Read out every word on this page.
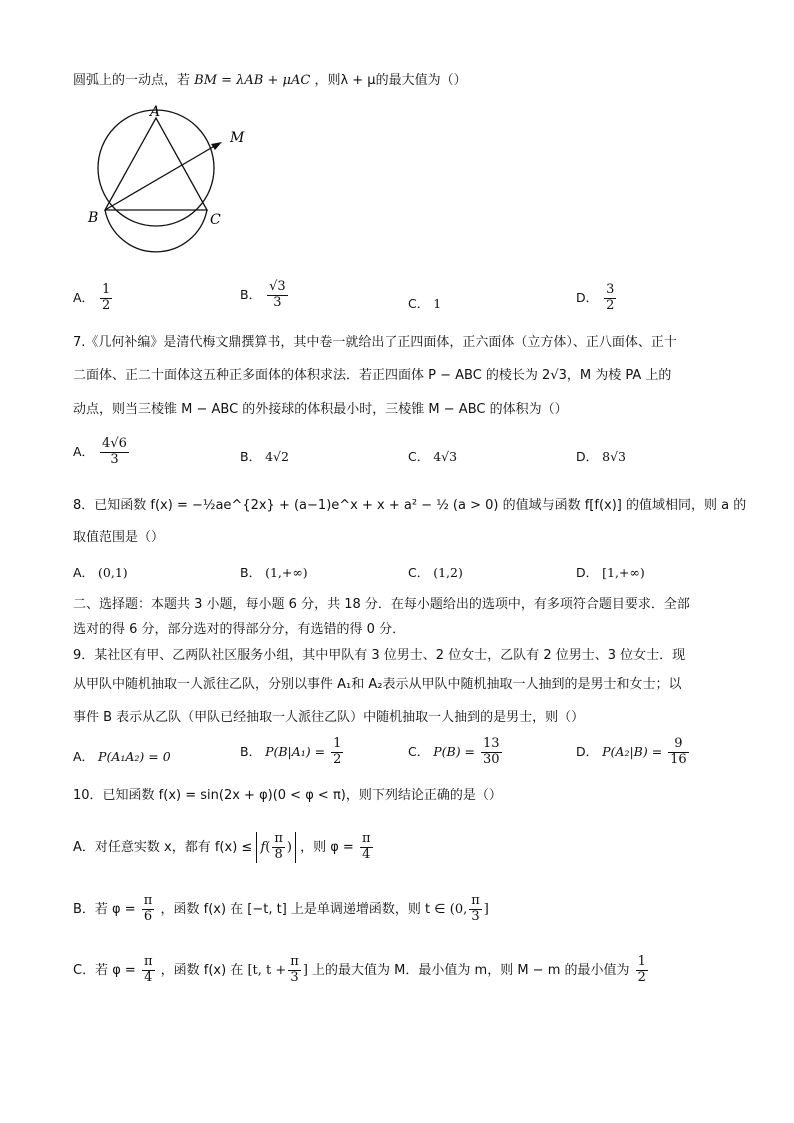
圆弧上的一动点，若 BM = λAB + μAC ，则λ + μ的最大值为（）
A
M
B	C
A． $\frac{1}{2}$	B． $\frac{√3}{3}$	C． 1	D． $\frac{3}{2}$
7.《几何补编》是清代梅文鼎撰算书，其中卷一就给出了正四面体，正六面体（立方体）、正八面体、正十
二面体、正二十面体这五种正多面体的体积求法．若正四面体 P − ABC 的棱长为 2√3，M 为棱 PA 上的
动点，则当三棱锥 M − ABC 的外接球的体积最小时，三棱锥 M − ABC 的体积为（）
A． $\frac{4√6}{3}$	B． 4√2	C． 4√3	D． 8√3
8．已知函数 f(x) = −½ae^{2x} + (a−1)e^x + x + a² − ½ (a > 0) 的值域与函数 f[f(x)] 的值域相同，则 a 的
取值范围是（）
A． (0,1)	B． (1,+∞)	C． (1,2)	D． [1,+∞)
二、选择题：本题共 3 小题，每小题 6 分，共 18 分．在每小题给出的选项中，有多项符合题目要求．全部
选对的得 6 分，部分选对的得部分分，有选错的得 0 分．
9．某社区有甲、乙两队社区服务小组，其中甲队有 3 位男士、2 位女士，乙队有 2 位男士、3 位女士．现
从甲队中随机抽取一人派往乙队，分别以事件 A₁和 A₂表示从甲队中随机抽取一人抽到的是男士和女士；以
事件 B 表示从乙队（甲队已经抽取一人派往乙队）中随机抽取一人抽到的是男士，则（）
A． P(A₁A₂) = 0	B． $P(B|A_1) = \frac{1}{2}$	C． $P(B) = \frac{13}{30}$	D． $P(A_2|B) = \frac{9}{16}$
10．已知函数 f(x) = sin(2x + φ)(0 < φ < π)，则下列结论正确的是（）
A．对任意实数 x，都有 $f(x) \le f( \frac{\pi}{8}$ ) ，则 $\varphi = \frac{\pi}{4}$
B．若 $\varphi = \frac{\pi}{6}$ ，函数 f(x) 在 [−t, t] 上是单调递增函数，则 t ∈ (0, $\frac{\pi}{3}$ ]
C．若 $\varphi = \frac{\pi}{4}$ ，函数 f(x) 在 [t, $t + \frac{\pi}{3}$ ] 上的最大值为 M．最小值为 m，则 M − m 的最小值为 $\frac{1}{2}$
